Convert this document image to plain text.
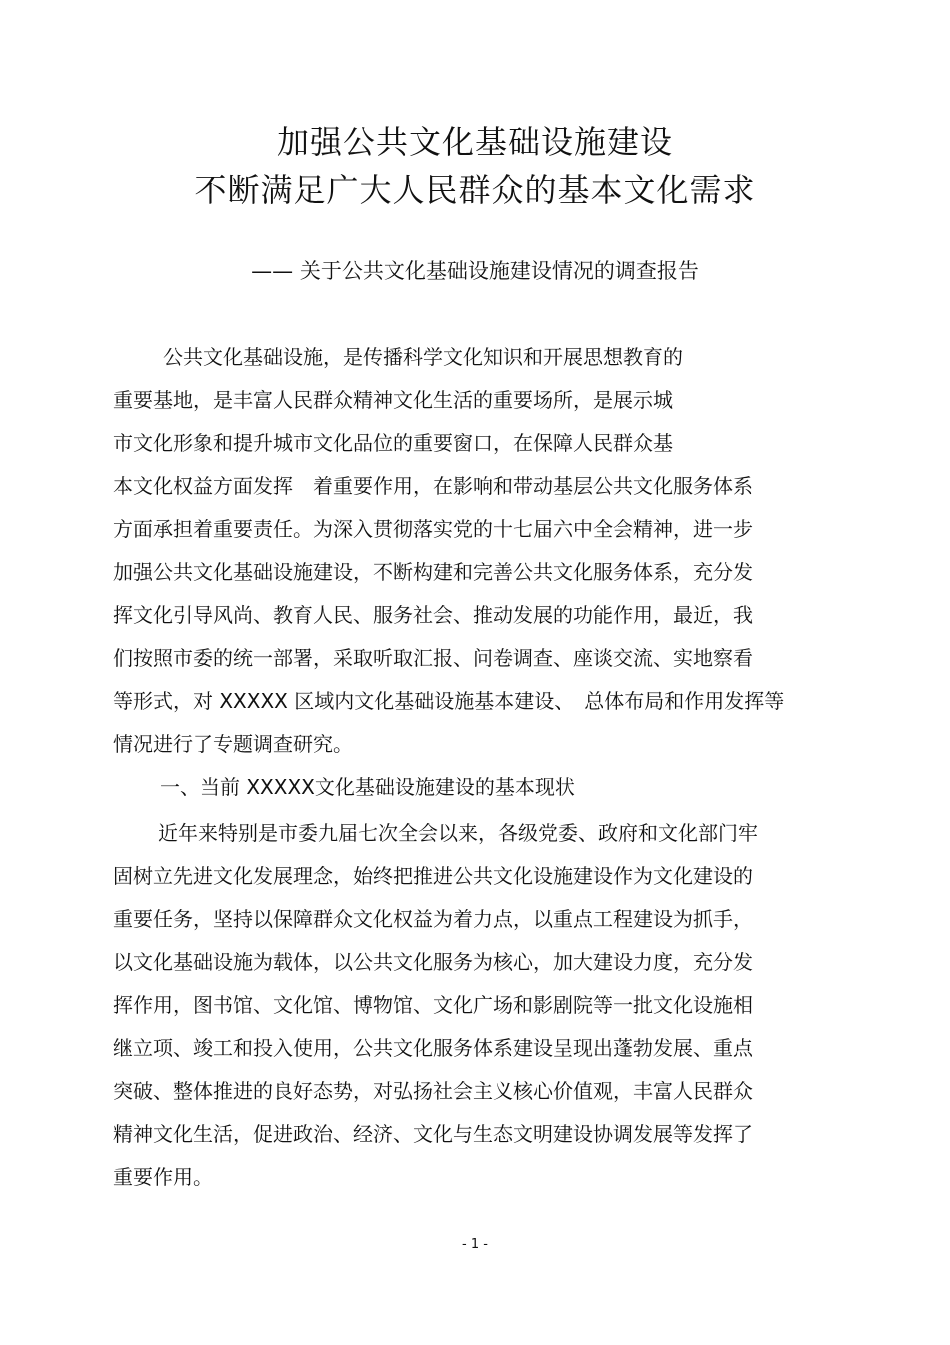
加强公共文化基础设施建设
不断满足广大人民群众的基本文化需求
—— 关于公共文化基础设施建设情况的调查报告
公共文化基础设施，是传播科学文化知识和开展思想教育的
重要基地，是丰富人民群众精神文化生活的重要场所，是展示城
市文化形象和提升城市文化品位的重要窗口，在保障人民群众基
本文化权益方面发挥　着重要作用，在影响和带动基层公共文化服务体系
方面承担着重要责任。为深入贯彻落实党的十七届六中全会精神，进一步
加强公共文化基础设施建设，不断构建和完善公共文化服务体系，充分发
挥文化引导风尚、教育人民、服务社会、推动发展的功能作用，最近，我
们按照市委的统一部署，采取听取汇报、问卷调查、座谈交流、实地察看
等形式，对 XXXXX 区域内文化基础设施基本建设、　总体布局和作用发挥等
情况进行了专题调查研究。
一、当前 XXXXX文化基础设施建设的基本现状
近年来特别是市委九届七次全会以来，各级党委、政府和文化部门牢
固树立先进文化发展理念，始终把推进公共文化设施建设作为文化建设的
重要任务，坚持以保障群众文化权益为着力点，以重点工程建设为抓手，
以文化基础设施为载体，以公共文化服务为核心，加大建设力度，充分发
挥作用，图书馆、文化馆、博物馆、文化广场和影剧院等一批文化设施相
继立项、竣工和投入使用，公共文化服务体系建设呈现出蓬勃发展、重点
突破、整体推进的良好态势，对弘扬社会主义核心价值观，丰富人民群众
精神文化生活，促进政治、经济、文化与生态文明建设协调发展等发挥了
重要作用。
- 1 -
